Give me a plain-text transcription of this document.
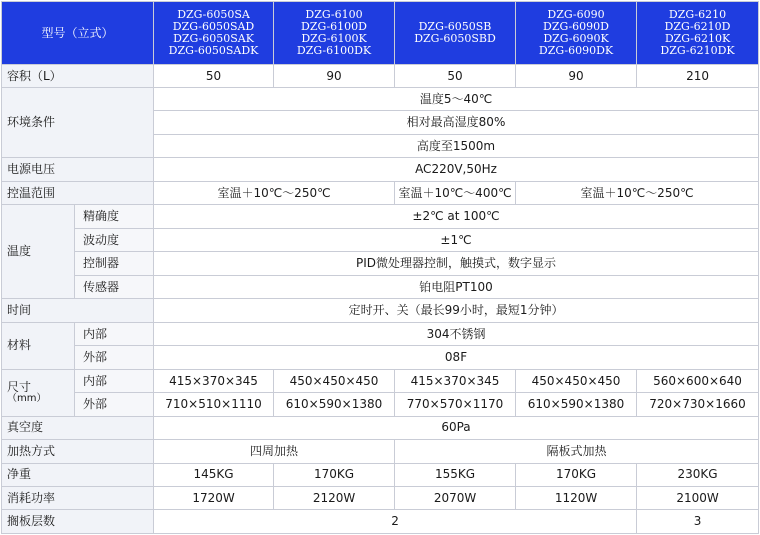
型号（立式）		DZG-6050SA
DZG-6050SAD
DZG-6050SAK
DZG-6050SADK	DZG-6100
DZG-6100D
DZG-6100K
DZG-6100DK	DZG-6050SB
DZG-6050SBD	DZG-6090
DZG-6090D
DZG-6090K
DZG-6090DK	DZG-6210
DZG-6210D
DZG-6210K
DZG-6210DK

容积（L）		50	90	50	90	210
环境条件		温度5～40℃				
		相对最高湿度80%				
		高度至1500m				
电源电压		AC220V,50Hz				
控温范围		室温＋10℃～250℃		室温＋10℃～400℃	室温＋10℃～250℃	
温度	精确度	±2℃ at 100℃				
	波动度	±1℃				
	控制器	PID微处理器控制，触摸式，数字显示				
	传感器	铂电阻PT100				
时间		定时开、关（最长99小时，最短1分钟）				
材料	内部	304不锈钢				
	外部	08F				

尺寸
（mm）	内部	415×370×345	450×450×450	415×370×345	450×450×450	560×600×640
	外部	710×510×1110	610×590×1380	770×570×1170	610×590×1380	720×730×1660
真空度		60Pa				
加热方式		四周加热		隔板式加热		
净重		145KG	170KG	155KG	170KG	230KG
消耗功率		1720W	2120W	2070W	1120W	2100W
搁板层数		2				3
